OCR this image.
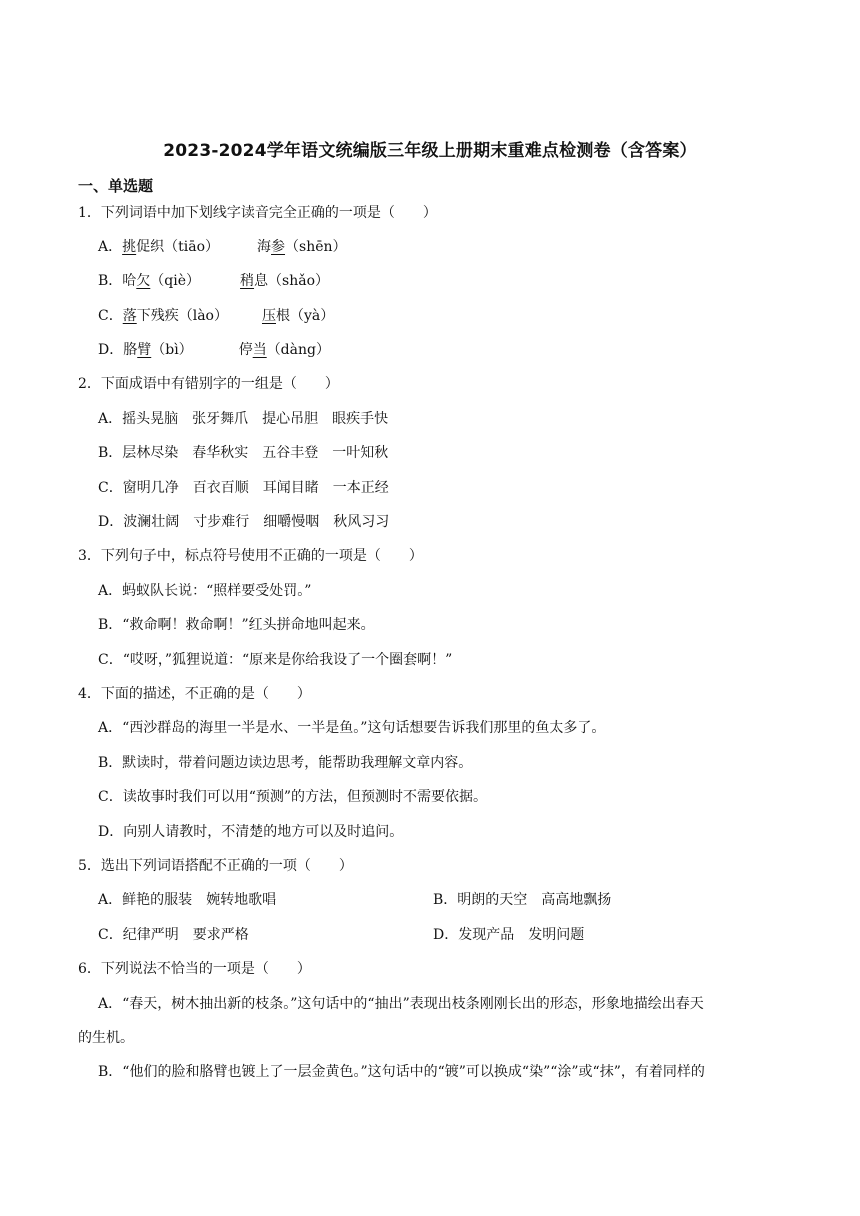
2023-2024学年语文统编版三年级上册期末重难点检测卷（含答案）
一、单选题
1．下列词语中加下划线字读音完全正确的一项是（　　）
A．挑促织（tiāo）	海参（shēn）
B．哈欠（qiè）	稍息（shǎo）
C．落下残疾（lào） 压根（yà）
D．胳臂（bì）	停当（dàng）
2．下面成语中有错别字的一组是（　　）
A．摇头晃脑　张牙舞爪　提心吊胆　眼疾手快
B．层林尽染　春华秋实　五谷丰登　一叶知秋
C．窗明几净　百衣百顺　耳闻目睹　一本正经
D．波澜壮阔　寸步难行　细嚼慢咽　秋风习习
3．下列句子中，标点符号使用不正确的一项是（　　）
A．蚂蚁队长说：“照样要受处罚。”
B．“救命啊！救命啊！”红头拼命地叫起来。
C．“哎呀，”狐狸说道：“原来是你给我设了一个圈套啊！”
4．下面的描述，不正确的是（　　）
A．“西沙群岛的海里一半是水、一半是鱼。”这句话想要告诉我们那里的鱼太多了。
B．默读时，带着问题边读边思考，能帮助我理解文章内容。
C．读故事时我们可以用“预测”的方法，但预测时不需要依据。
D．向别人请教时，不清楚的地方可以及时追问。
5．选出下列词语搭配不正确的一项（　　）
A．鲜艳的服装　婉转地歌唱	B．明朗的天空　高高地飘扬
C．纪律严明　要求严格	D．发现产品　发明问题
6．下列说法不恰当的一项是（　　）
A．“春天，树木抽出新的枝条。”这句话中的“抽出”表现出枝条刚刚长出的形态，形象地描绘出春天
的生机。
B．“他们的脸和胳臂也镀上了一层金黄色。”这句话中的“镀”可以换成“染”“涂”或“抹”，有着同样的
